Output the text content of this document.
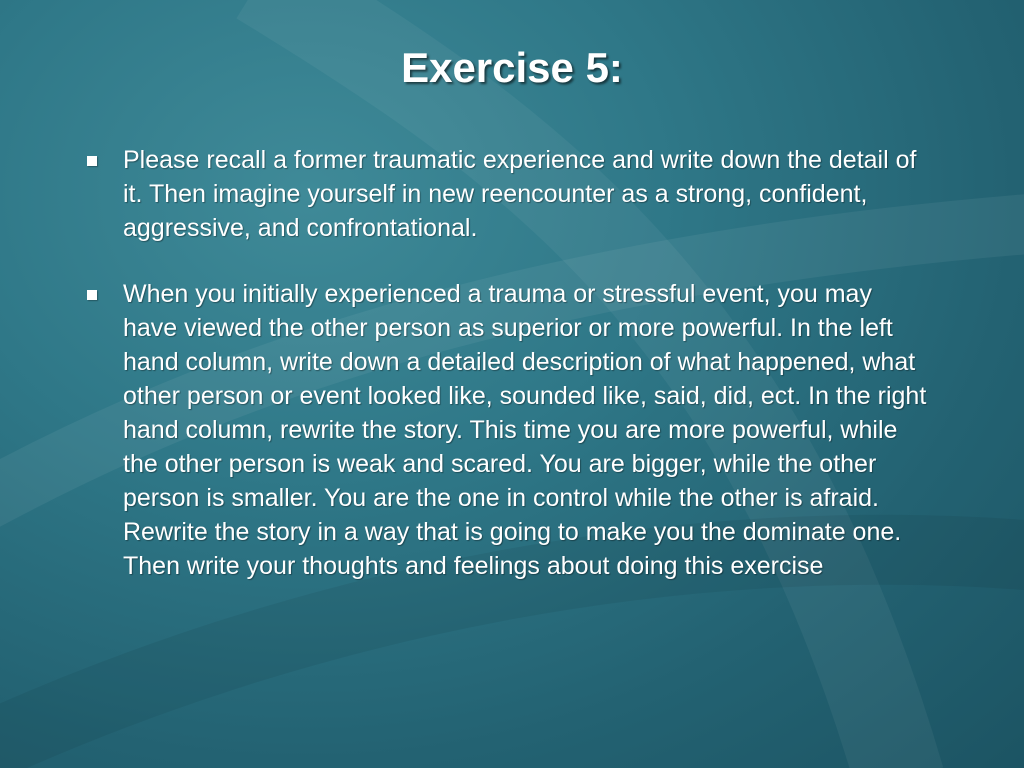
Exercise 5:
Please recall a former traumatic experience and write down the detail of it. Then imagine yourself in new reencounter as a strong, confident, aggressive, and confrontational.
When you initially experienced a trauma or stressful event, you may have viewed the other person as superior or more powerful. In the left hand column, write down a detailed description of what happened, what other person or event looked like, sounded like, said, did, ect. In the right hand column, rewrite the story. This time you are more powerful, while the other person is weak and scared. You are bigger, while the other person is smaller. You are the one in control while the other is afraid. Rewrite the story in a way that is going to make you the dominate one. Then write your thoughts and feelings about doing this exercise
